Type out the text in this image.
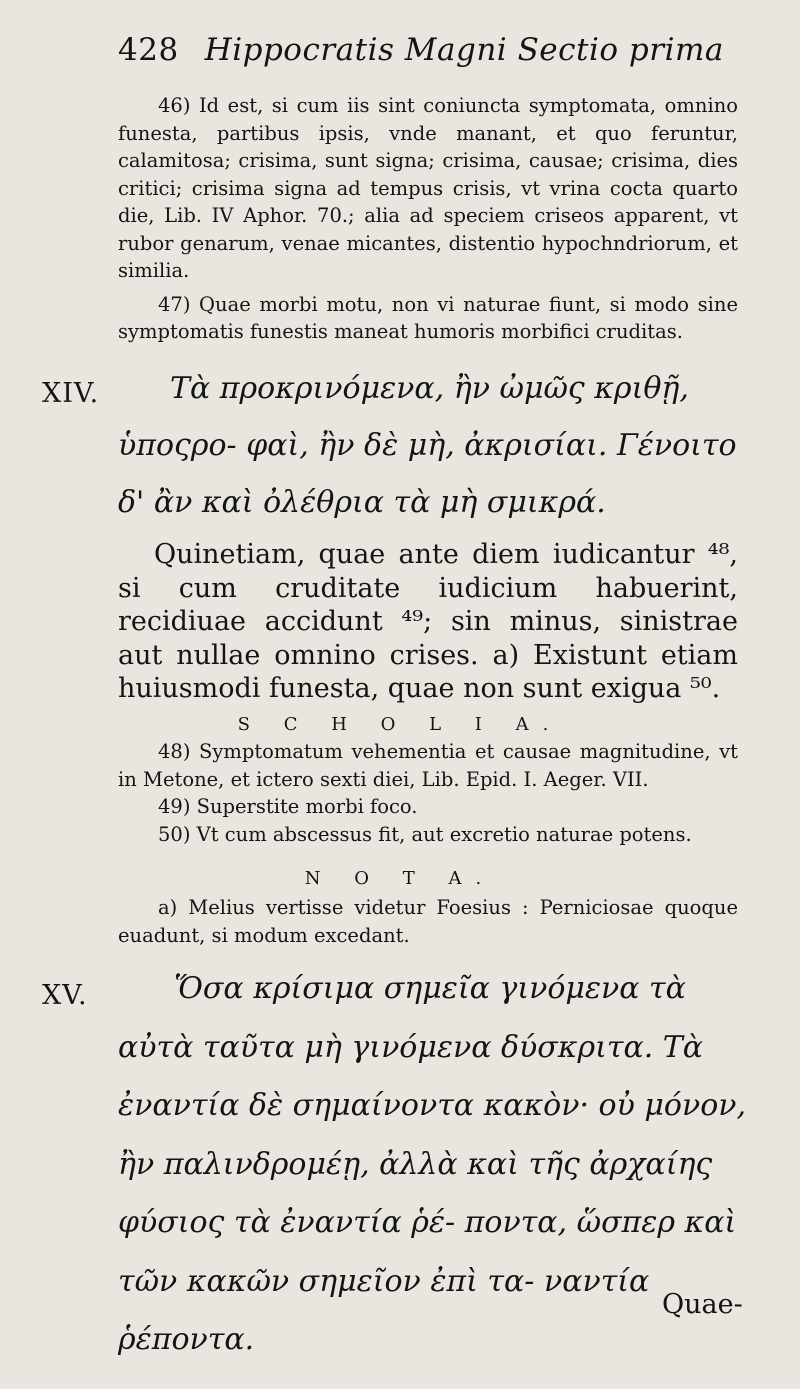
428 Hippocratis Magni Sectio prima

46) Id est, si cum iis sint coniuncta symptomata, omnino funesta, partibus ipsis, vnde manant, et quo feruntur, calamitosa; crisima, sunt signa; crisima, causae; crisima, dies critici; crisima signa ad tempus crisis, vt vrina cocta quarto die, Lib. IV Aphor. 70.; alia ad speciem criseos apparent, vt rubor genarum, venae micantes, distentio hypochndriorum, et similia.

47) Quae morbi motu, non vi naturae fiunt, si modo sine symptomatis funestis maneat humoris morbifici cruditas.

XIV.	Τὰ προκρινόμενα, ἢν ὠμῶς κριθῇ, ὑποςρο- φαὶ, ἢν δὲ μὴ, ἀκρισίαι. Γένοιτο δ' ἂν καὶ ὀλέθρια τὰ μὴ σμικρά.

Quinetiam, quae ante diem iudicantur ⁴⁸, si cum cruditate iudicium habuerint, recidiuae accidunt ⁴⁹; sin minus, sinistrae aut nullae omnino crises. a) Existunt etiam huiusmodi funesta, quae non sunt exigua ⁵⁰.

S C H O L I A.

48) Symptomatum vehementia et causae magnitudine, vt in Metone, et ictero sexti diei, Lib. Epid. I. Aeger. VII.

49) Superstite morbi foco.

50) Vt cum abscessus fit, aut excretio naturae potens.

N O T A.

a) Melius vertisse videtur Foesius : Perniciosae quoque euadunt, si modum excedant.

XV.	Ὅσα κρίσιμα σημεῖα γινόμενα τὰ αὐτὰ ταῦτα μὴ γινόμενα δύσκριτα. Τὰ ἐναντία δὲ σημαίνοντα κακὸν· οὐ μόνον, ἢν παλινδρομέῃ, ἀλλὰ καὶ τῆς ἀρχαίης φύσιος τὰ ἐναντία ῥέ- ποντα, ὥσπερ καὶ τῶν κακῶν σημεῖον ἐπὶ τα- ναντία ῥέποντα.
Quae-
